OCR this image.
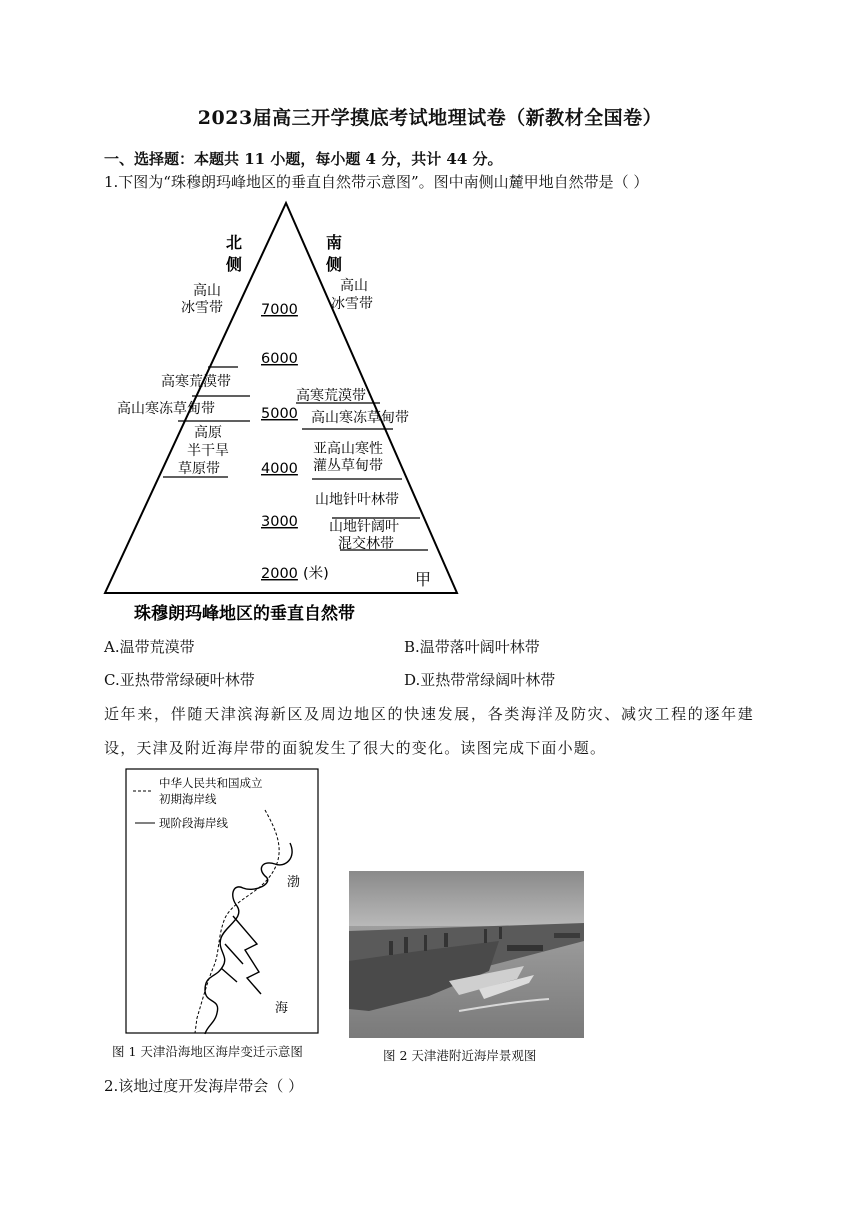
2023届高三开学摸底考试地理试卷（新教材全国卷）
一、选择题：本题共 11 小题，每小题 4 分，共计 44 分。
1.下图为“珠穆朗玛峰地区的垂直自然带示意图”。图中南侧山麓甲地自然带是（ ）
北
侧
南
侧
7000
6000
5000
4000
3000
2000 (米)	甲
高山
冰雪带
高寒荒漠带
高山寒冻草甸带
高原
半干旱
草原带
高山
冰雪带
高寒荒漠带
高山寒冻草甸带
亚高山寒性
灌丛草甸带
山地针叶林带
山地针阔叶
混交林带
珠穆朗玛峰地区的垂直自然带
A.温带荒漠带	B.温带落叶阔叶林带
C.亚热带常绿硬叶林带	D.亚热带常绿阔叶林带
近年来，伴随天津滨海新区及周边地区的快速发展，各类海洋及防灾、减灾工程的逐年建设，天津及附近海岸带的面貌发生了很大的变化。读图完成下面小题。
中华人民共和国成立
初期海岸线
现阶段海岸线
渤
海
图 1 天津沿海地区海岸变迁示意图	图 2 天津港附近海岸景观图
2.该地过度开发海岸带会（ ）
